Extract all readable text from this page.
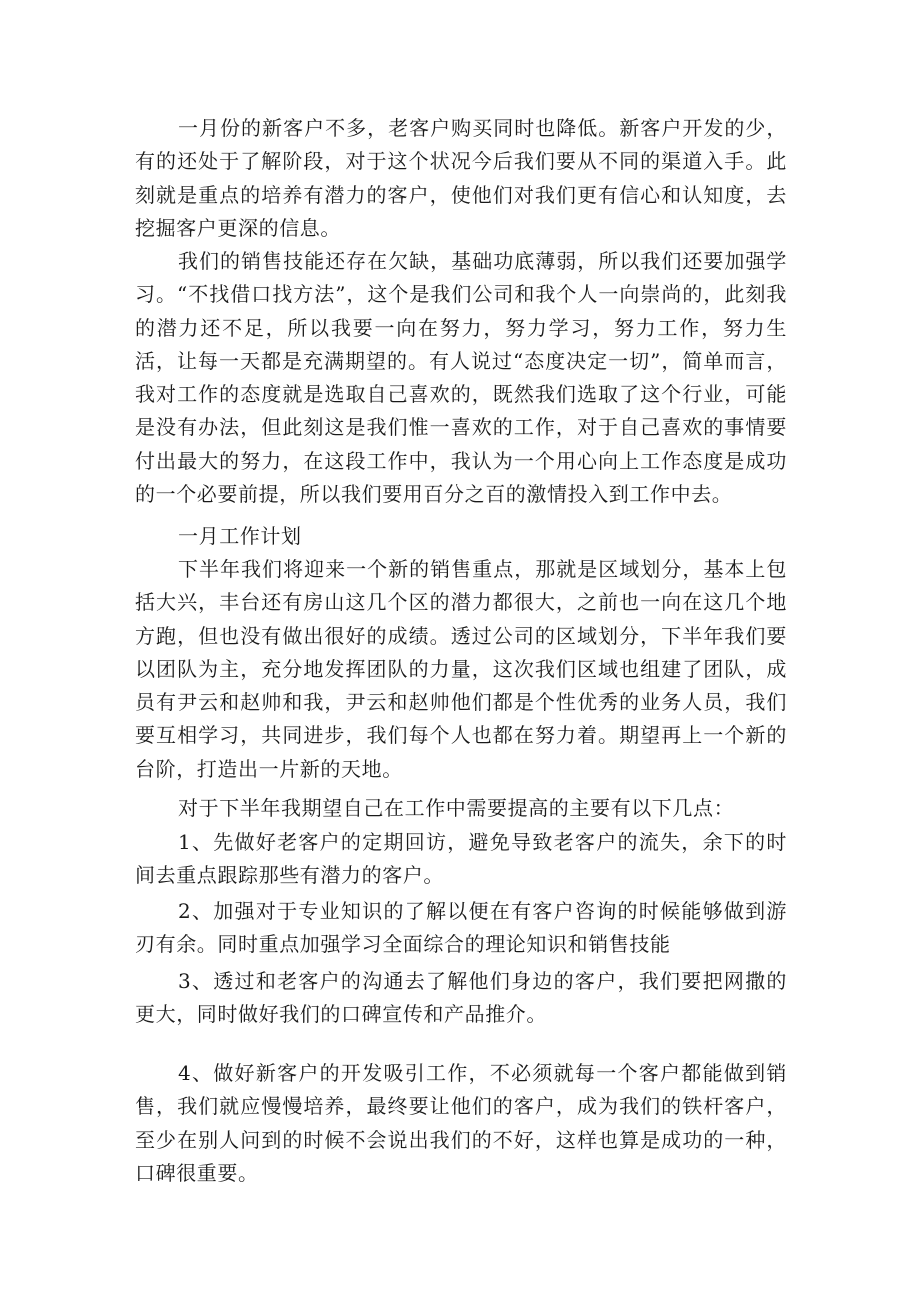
一月份的新客户不多，老客户购买同时也降低。新客户开发的少，有的还处于了解阶段，对于这个状况今后我们要从不同的渠道入手。此刻就是重点的培养有潜力的客户，使他们对我们更有信心和认知度，去挖掘客户更深的信息。

我们的销售技能还存在欠缺，基础功底薄弱，所以我们还要加强学习。“不找借口找方法”，这个是我们公司和我个人一向崇尚的，此刻我的潜力还不足，所以我要一向在努力，努力学习，努力工作，努力生活，让每一天都是充满期望的。有人说过“态度决定一切”，简单而言，我对工作的态度就是选取自己喜欢的，既然我们选取了这个行业，可能是没有办法，但此刻这是我们惟一喜欢的工作，对于自己喜欢的事情要付出最大的努力，在这段工作中，我认为一个用心向上工作态度是成功的一个必要前提，所以我们要用百分之百的激情投入到工作中去。

一月工作计划

下半年我们将迎来一个新的销售重点，那就是区域划分，基本上包括大兴，丰台还有房山这几个区的潜力都很大，之前也一向在这几个地方跑，但也没有做出很好的成绩。透过公司的区域划分，下半年我们要以团队为主，充分地发挥团队的力量，这次我们区域也组建了团队，成员有尹云和赵帅和我，尹云和赵帅他们都是个性优秀的业务人员，我们要互相学习，共同进步，我们每个人也都在努力着。期望再上一个新的台阶，打造出一片新的天地。

对于下半年我期望自己在工作中需要提高的主要有以下几点：

1、先做好老客户的定期回访，避免导致老客户的流失，余下的时间去重点跟踪那些有潜力的客户。

2、加强对于专业知识的了解以便在有客户咨询的时候能够做到游刃有余。同时重点加强学习全面综合的理论知识和销售技能

3、透过和老客户的沟通去了解他们身边的客户，我们要把网撒的更大，同时做好我们的口碑宣传和产品推介。

4、做好新客户的开发吸引工作，不必须就每一个客户都能做到销售，我们就应慢慢培养，最终要让他们的客户，成为我们的铁杆客户，至少在别人问到的时候不会说出我们的不好，这样也算是成功的一种，口碑很重要。
